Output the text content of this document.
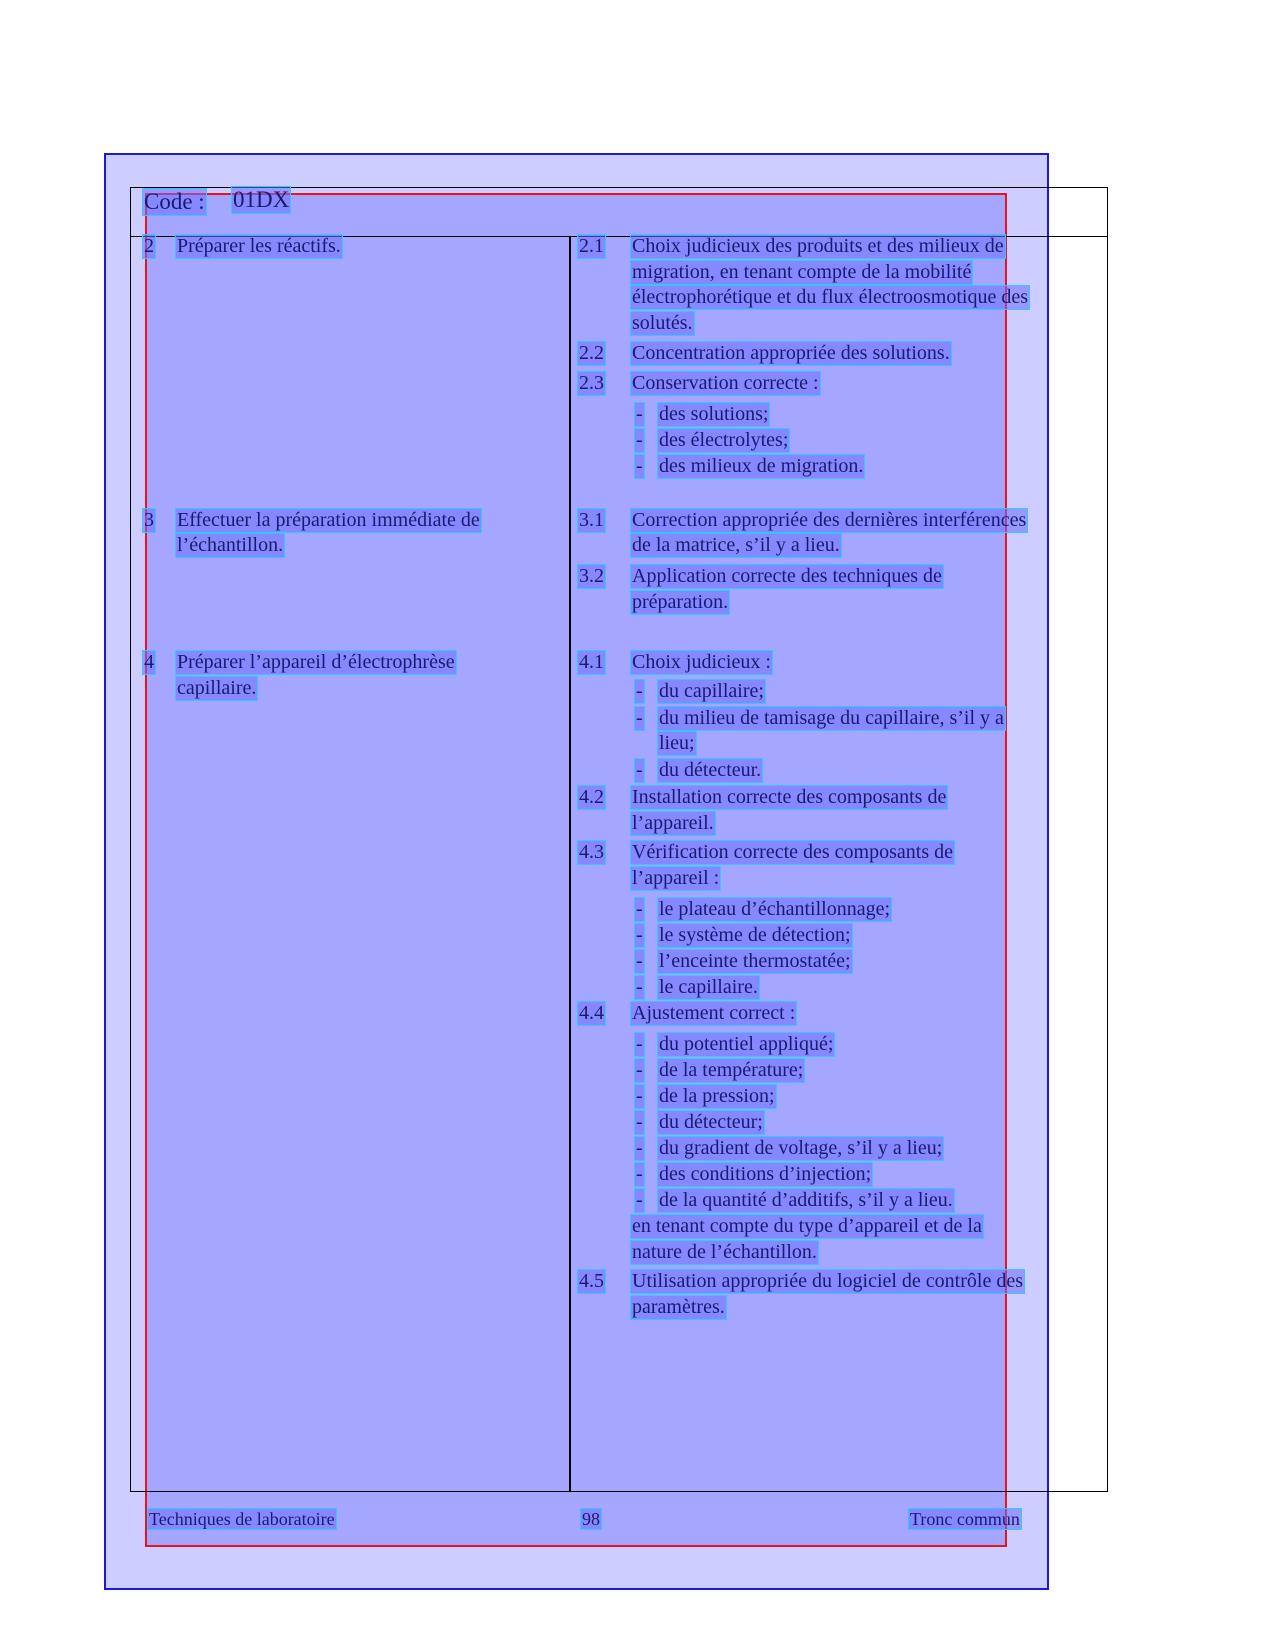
Code : 01DX
2 Préparer les réactifs.	2.1 Choix judicieux des produits et des milieux de
migration, en tenant compte de la mobilité
électrophorétique et du flux électroosmotique des
solutés.
2.2 Concentration appropriée des solutions.
2.3 Conservation correcte :
- des solutions;
- des électrolytes;
- des milieux de migration.
3 Effectuer la préparation immédiate de
l’échantillon.
3.1 Correction appropriée des dernières interférences
de la matrice, s’il y a lieu.
3.2 Application correcte des techniques de
préparation.
4 Préparer l’appareil d’électrophrèse
capillaire.
4.1 Choix judicieux :
- du capillaire;
- du milieu de tamisage du capillaire, s’il y a
lieu;
- du détecteur.
4.2 Installation correcte des composants de
l’appareil.
4.3 Vérification correcte des composants de
l’appareil :
- le plateau d’échantillonnage;
- le système de détection;
- l’enceinte thermostatée;
- le capillaire.
4.4 Ajustement correct :
- du potentiel appliqué;
- de la température;
- de la pression;
- du détecteur;
- du gradient de voltage, s’il y a lieu;
- des conditions d’injection;
- de la quantité d’additifs, s’il y a lieu.
en tenant compte du type d’appareil et de la
nature de l’échantillon.
4.5 Utilisation appropriée du logiciel de contrôle des
paramètres.
Techniques de laboratoire	98	Tronc commun
